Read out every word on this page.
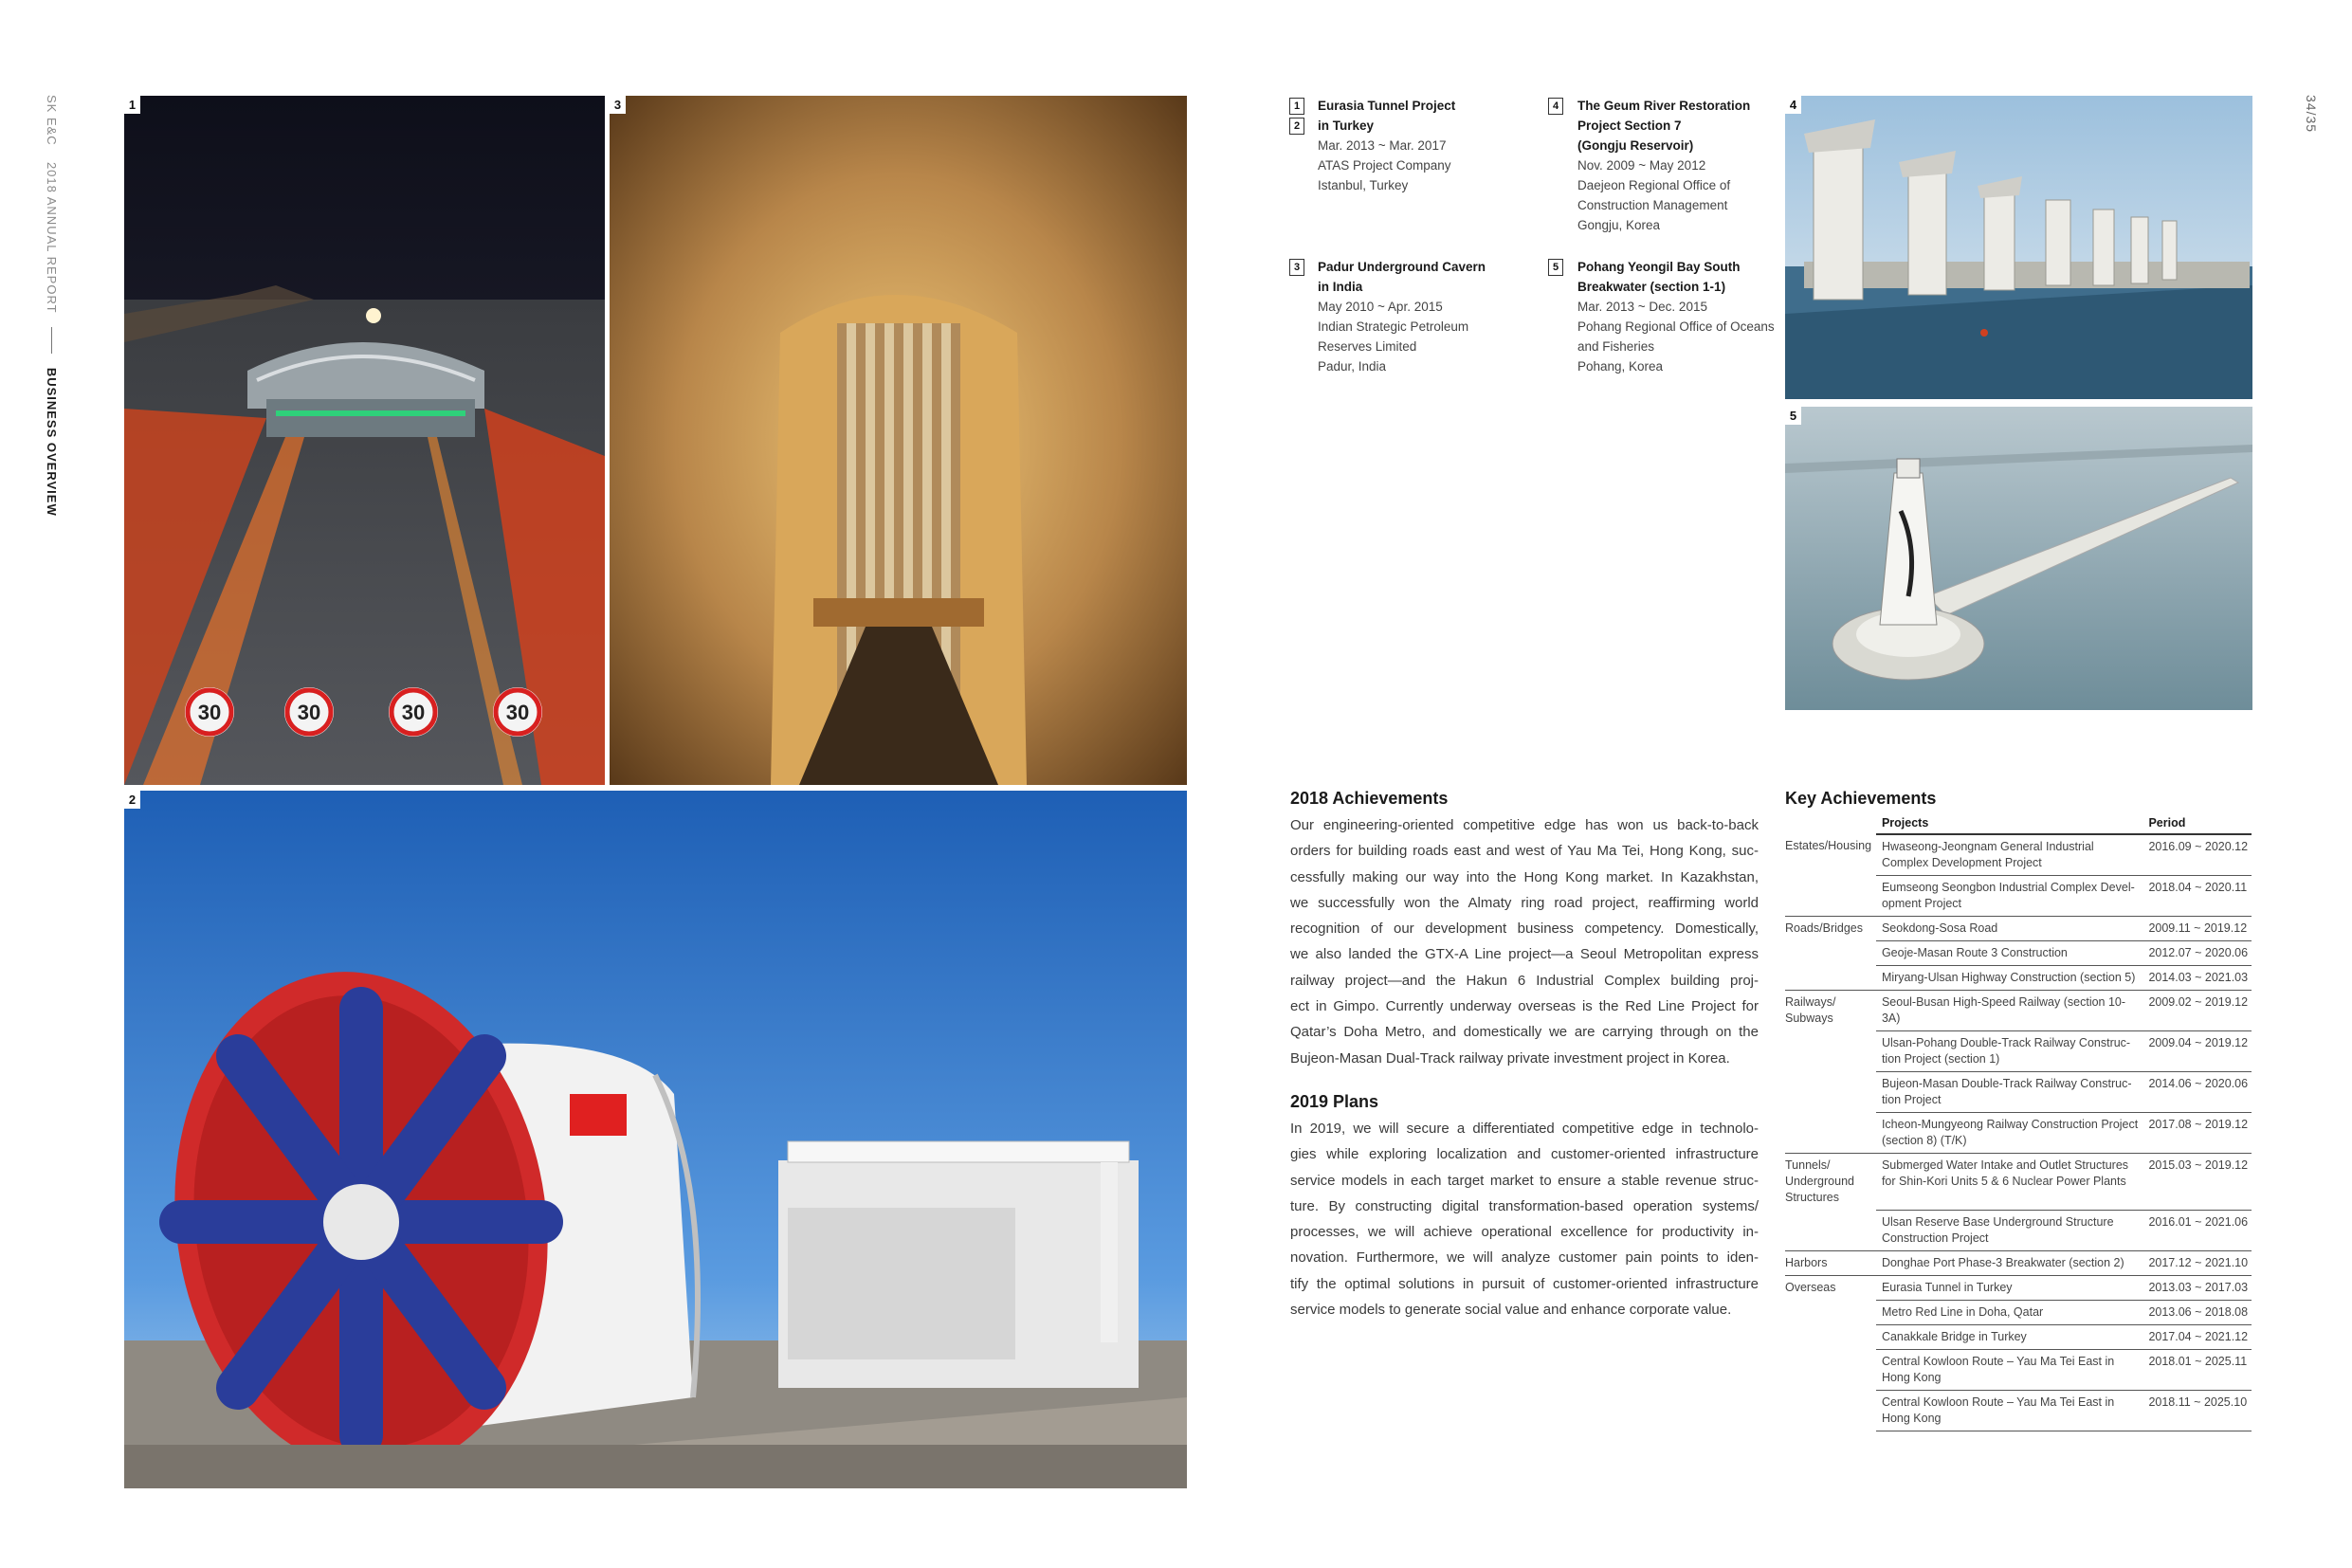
SK E&C  2018 ANNUAL REPORT  BUSINESS OVERVIEW
34/35
30	30	30	30
1	3
2
4
5
1
2
Eurasia Tunnel Project
in Turkey
Mar. 2013 ~ Mar. 2017
ATAS Project Company
Istanbul, Turkey
4	The Geum River Restoration
Project Section 7
(Gongju Reservoir)
Nov. 2009 ~ May 2012
Daejeon Regional Office of
Construction Management
Gongju, Korea
3	Padur Underground Cavern
in India
May 2010 ~ Apr. 2015
Indian Strategic Petroleum
Reserves Limited
Padur, India
5	Pohang Yeongil Bay South
Breakwater (section 1-1)
Mar. 2013 ~ Dec. 2015
Pohang Regional Office of Oceans
and Fisheries
Pohang, Korea
2018 Achievements
Our engineering-oriented competitive edge has won us back-to-back
orders for building roads east and west of Yau Ma Tei, Hong Kong, suc-
cessfully making our way into the Hong Kong market. In Kazakhstan,
we successfully won the Almaty ring road project, reaffirming world
recognition of our development business competency. Domestically,
we also landed the GTX-A Line project—a Seoul Metropolitan express
railway project—and the Hakun 6 Industrial Complex building proj-
ect in Gimpo. Currently underway overseas is the Red Line Project for
Qatar’s Doha Metro, and domestically we are carrying through on the
Bujeon-Masan Dual-Track railway private investment project in Korea.
2019 Plans
In 2019, we will secure a differentiated competitive edge in technolo-
gies while exploring localization and customer-oriented infrastructure
service models in each target market to ensure a stable revenue struc-
ture. By constructing digital transformation-based operation systems/
processes, we will achieve operational excellence for productivity in-
novation. Furthermore, we will analyze customer pain points to iden-
tify the optimal solutions in pursuit of customer-oriented infrastructure
service models to generate social value and enhance corporate value.
Key Achievements
	Projects	Period
Estates/Housing	Hwaseong-Jeongnam General Industrial Complex Development Project	2016.09 ~ 2020.12
	Eumseong Seongbon Industrial Complex Devel- opment Project	2018.04 ~ 2020.11
Roads/Bridges	Seokdong-Sosa Road	2009.11 ~ 2019.12
	Geoje-Masan Route 3 Construction	2012.07 ~ 2020.06
	Miryang-Ulsan Highway Construction (section 5)	2014.03 ~ 2021.03
Railways/ Subways	Seoul-Busan High-Speed Railway (section 10-3A)	2009.02 ~ 2019.12
	Ulsan-Pohang Double-Track Railway Construc- tion Project (section 1)	2009.04 ~ 2019.12
	Bujeon-Masan Double-Track Railway Construc- tion Project	2014.06 ~ 2020.06
	Icheon-Mungyeong Railway Construction Project (section 8) (T/K)	2017.08 ~ 2019.12
Tunnels/ Underground Structures	Submerged Water Intake and Outlet Structures for Shin-Kori Units 5 & 6 Nuclear Power Plants	2015.03 ~ 2019.12
	Ulsan Reserve Base Underground Structure Construction Project	2016.01 ~ 2021.06
Harbors	Donghae Port Phase-3 Breakwater (section 2)	2017.12 ~ 2021.10
Overseas	Eurasia Tunnel in Turkey	2013.03 ~ 2017.03
	Metro Red Line in Doha, Qatar	2013.06 ~ 2018.08
	Canakkale Bridge in Turkey	2017.04 ~ 2021.12
	Central Kowloon Route – Yau Ma Tei East in Hong Kong	2018.01 ~ 2025.11
	Central Kowloon Route – Yau Ma Tei East in Hong Kong	2018.11 ~ 2025.10
